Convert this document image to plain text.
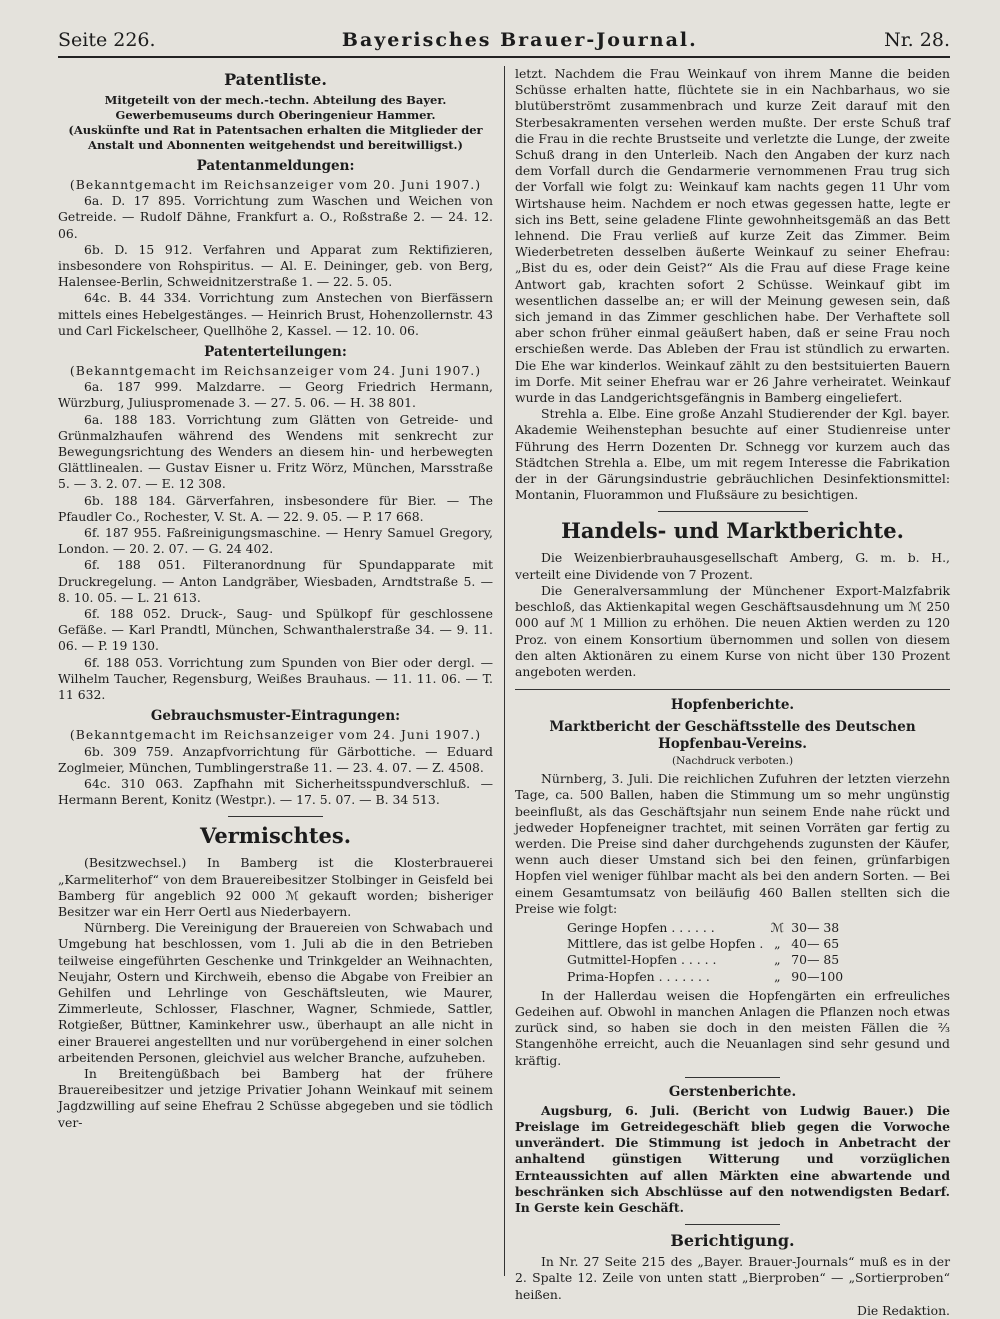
Seite 226.	Bayerisches Brauer-Journal.	Nr. 28.
Patentliste.

Mitgeteilt von der mech.-techn. Abteilung des Bayer. Gewerbemuseums durch Oberingenieur Hammer.

(Auskünfte und Rat in Patentsachen erhalten die Mitglieder der Anstalt und Abonnenten weitgehendst und bereitwilligst.)

Patentanmeldungen:

(Bekanntgemacht im Reichsanzeiger vom 20. Juni 1907.)

6a. D. 17 895. Vorrichtung zum Waschen und Weichen von Getreide. — Rudolf Dähne, Frankfurt a. O., Roßstraße 2. — 24. 12. 06.

6b. D. 15 912. Verfahren und Apparat zum Rektifizieren, insbesondere von Rohspiritus. — Al. E. Deininger, geb. von Berg, Halensee-Berlin, Schweidnitzerstraße 1. — 22. 5. 05.

64c. B. 44 334. Vorrichtung zum Anstechen von Bierfässern mittels eines Hebelgestänges. — Heinrich Brust, Hohenzollernstr. 43 und Carl Fickelscheer, Quellhöhe 2, Kassel. — 12. 10. 06.

Patenterteilungen:

(Bekanntgemacht im Reichsanzeiger vom 24. Juni 1907.)

6a. 187 999. Malzdarre. — Georg Friedrich Hermann, Würzburg, Juliuspromenade 3. — 27. 5. 06. — H. 38 801.

6a. 188 183. Vorrichtung zum Glätten von Getreide- und Grünmalzhaufen während des Wendens mit senkrecht zur Bewegungsrichtung des Wenders an diesem hin- und herbewegten Glättlinealen. — Gustav Eisner u. Fritz Wörz, München, Marsstraße 5. — 3. 2. 07. — E. 12 308.

6b. 188 184. Gärverfahren, insbesondere für Bier. — The Pfaudler Co., Rochester, V. St. A. — 22. 9. 05. — P. 17 668.

6f. 187 955. Faßreinigungsmaschine. — Henry Samuel Gregory, London. — 20. 2. 07. — G. 24 402.

6f. 188 051. Filteranordnung für Spundapparate mit Druckregelung. — Anton Landgräber, Wiesbaden, Arndtstraße 5. — 8. 10. 05. — L. 21 613.

6f. 188 052. Druck-, Saug- und Spülkopf für geschlossene Gefäße. — Karl Prandtl, München, Schwanthalerstraße 34. — 9. 11. 06. — P. 19 130.

6f. 188 053. Vorrichtung zum Spunden von Bier oder dergl. — Wilhelm Taucher, Regensburg, Weißes Brauhaus. — 11. 11. 06. — T. 11 632.

Gebrauchsmuster-Eintragungen:

(Bekanntgemacht im Reichsanzeiger vom 24. Juni 1907.)

6b. 309 759. Anzapfvorrichtung für Gärbottiche. — Eduard Zoglmeier, München, Tumblingerstraße 11. — 23. 4. 07. — Z. 4508.

64c. 310 063. Zapfhahn mit Sicherheitsspundverschluß. — Hermann Berent, Konitz (Westpr.). — 17. 5. 07. — B. 34 513.

Vermischtes.

(Besitzwechsel.) In Bamberg ist die Klosterbrauerei „Karmeliterhof“ von dem Brauereibesitzer Stolbinger in Geisfeld bei Bamberg für angeblich 92 000 ℳ gekauft worden; bisheriger Besitzer war ein Herr Oertl aus Niederbayern.

Nürnberg. Die Vereinigung der Brauereien von Schwabach und Umgebung hat beschlossen, vom 1. Juli ab die in den Betrieben teilweise eingeführten Geschenke und Trinkgelder an Weihnachten, Neujahr, Ostern und Kirchweih, ebenso die Abgabe von Freibier an Gehilfen und Lehrlinge von Geschäftsleuten, wie Maurer, Zimmerleute, Schlosser, Flaschner, Wagner, Schmiede, Sattler, Rotgießer, Büttner, Kaminkehrer usw., überhaupt an alle nicht in einer Brauerei angestellten und nur vorübergehend in einer solchen arbeitenden Personen, gleichviel aus welcher Branche, aufzuheben.

In Breitengüßbach bei Bamberg hat der frühere Brauereibesitzer und jetzige Privatier Johann Weinkauf mit seinem Jagdzwilling auf seine Ehefrau 2 Schüsse abgegeben und sie tödlich ver-

letzt. Nachdem die Frau Weinkauf von ihrem Manne die beiden Schüsse erhalten hatte, flüchtete sie in ein Nachbarhaus, wo sie blutüberströmt zusammenbrach und kurze Zeit darauf mit den Sterbesakramenten versehen werden mußte. Der erste Schuß traf die Frau in die rechte Brustseite und verletzte die Lunge, der zweite Schuß drang in den Unterleib. Nach den Angaben der kurz nach dem Vorfall durch die Gendarmerie vernommenen Frau trug sich der Vorfall wie folgt zu: Weinkauf kam nachts gegen 11 Uhr vom Wirtshause heim. Nachdem er noch etwas gegessen hatte, legte er sich ins Bett, seine geladene Flinte gewohnheitsgemäß an das Bett lehnend. Die Frau verließ auf kurze Zeit das Zimmer. Beim Wiederbetreten desselben äußerte Weinkauf zu seiner Ehefrau: „Bist du es, oder dein Geist?“ Als die Frau auf diese Frage keine Antwort gab, krachten sofort 2 Schüsse. Weinkauf gibt im wesentlichen dasselbe an; er will der Meinung gewesen sein, daß sich jemand in das Zimmer geschlichen habe. Der Verhaftete soll aber schon früher einmal geäußert haben, daß er seine Frau noch erschießen werde. Das Ableben der Frau ist stündlich zu erwarten. Die Ehe war kinderlos. Weinkauf zählt zu den bestsituierten Bauern im Dorfe. Mit seiner Ehefrau war er 26 Jahre verheiratet. Weinkauf wurde in das Landgerichtsgefängnis in Bamberg eingeliefert.

Strehla a. Elbe. Eine große Anzahl Studierender der Kgl. bayer. Akademie Weihenstephan besuchte auf einer Studienreise unter Führung des Herrn Dozenten Dr. Schnegg vor kurzem auch das Städtchen Strehla a. Elbe, um mit regem Interesse die Fabrikation der in der Gärungsindustrie gebräuchlichen Desinfektionsmittel: Montanin, Fluorammon und Flußsäure zu besichtigen.

Handels- und Marktberichte.

Die Weizenbierbrauhausgesellschaft Amberg, G. m. b. H., verteilt eine Dividende von 7 Prozent.

Die Generalversammlung der Münchener Export-Malzfabrik beschloß, das Aktienkapital wegen Geschäftsausdehnung um ℳ 250 000 auf ℳ 1 Million zu erhöhen. Die neuen Aktien werden zu 120 Proz. von einem Konsortium übernommen und sollen von diesem den alten Aktionären zu einem Kurse von nicht über 130 Prozent angeboten werden.

Hopfenberichte.
Marktbericht der Geschäftsstelle des Deutschen Hopfenbau-Vereins.

(Nachdruck verboten.)

Nürnberg, 3. Juli. Die reichlichen Zufuhren der letzten vierzehn Tage, ca. 500 Ballen, haben die Stimmung um so mehr ungünstig beeinflußt, als das Geschäftsjahr nun seinem Ende nahe rückt und jedweder Hopfeneigner trachtet, mit seinen Vorräten gar fertig zu werden. Die Preise sind daher durchgehends zugunsten der Käufer, wenn auch dieser Umstand sich bei den feinen, grünfarbigen Hopfen viel weniger fühlbar macht als bei den andern Sorten. — Bei einem Gesamtumsatz von beiläufig 460 Ballen stellten sich die Preise wie folgt:

Geringe Hopfen . . . . . .	ℳ	30— 38
Mittlere, das ist gelbe Hopfen .	„	40— 65
Gutmittel-Hopfen . . . . .	„	70— 85
Prima-Hopfen . . . . . . .	„	90—100

In der Hallerdau weisen die Hopfengärten ein erfreuliches Gedeihen auf. Obwohl in manchen Anlagen die Pflanzen noch etwas zurück sind, so haben sie doch in den meisten Fällen die ⅔ Stangenhöhe erreicht, auch die Neuanlagen sind sehr gesund und kräftig.

Gerstenberichte.

Augsburg, 6. Juli. (Bericht von Ludwig Bauer.) Die Preislage im Getreidegeschäft blieb gegen die Vorwoche unverändert. Die Stimmung ist jedoch in Anbetracht der anhaltend günstigen Witterung und vorzüglichen Ernteaussichten auf allen Märkten eine abwartende und beschränken sich Abschlüsse auf den notwendigsten Bedarf. In Gerste kein Geschäft.

Berichtigung.

In Nr. 27 Seite 215 des „Bayer. Brauer-Journals“ muß es in der 2. Spalte 12. Zeile von unten statt „Bierproben“ — „Sortierproben“ heißen.

Die Redaktion.
